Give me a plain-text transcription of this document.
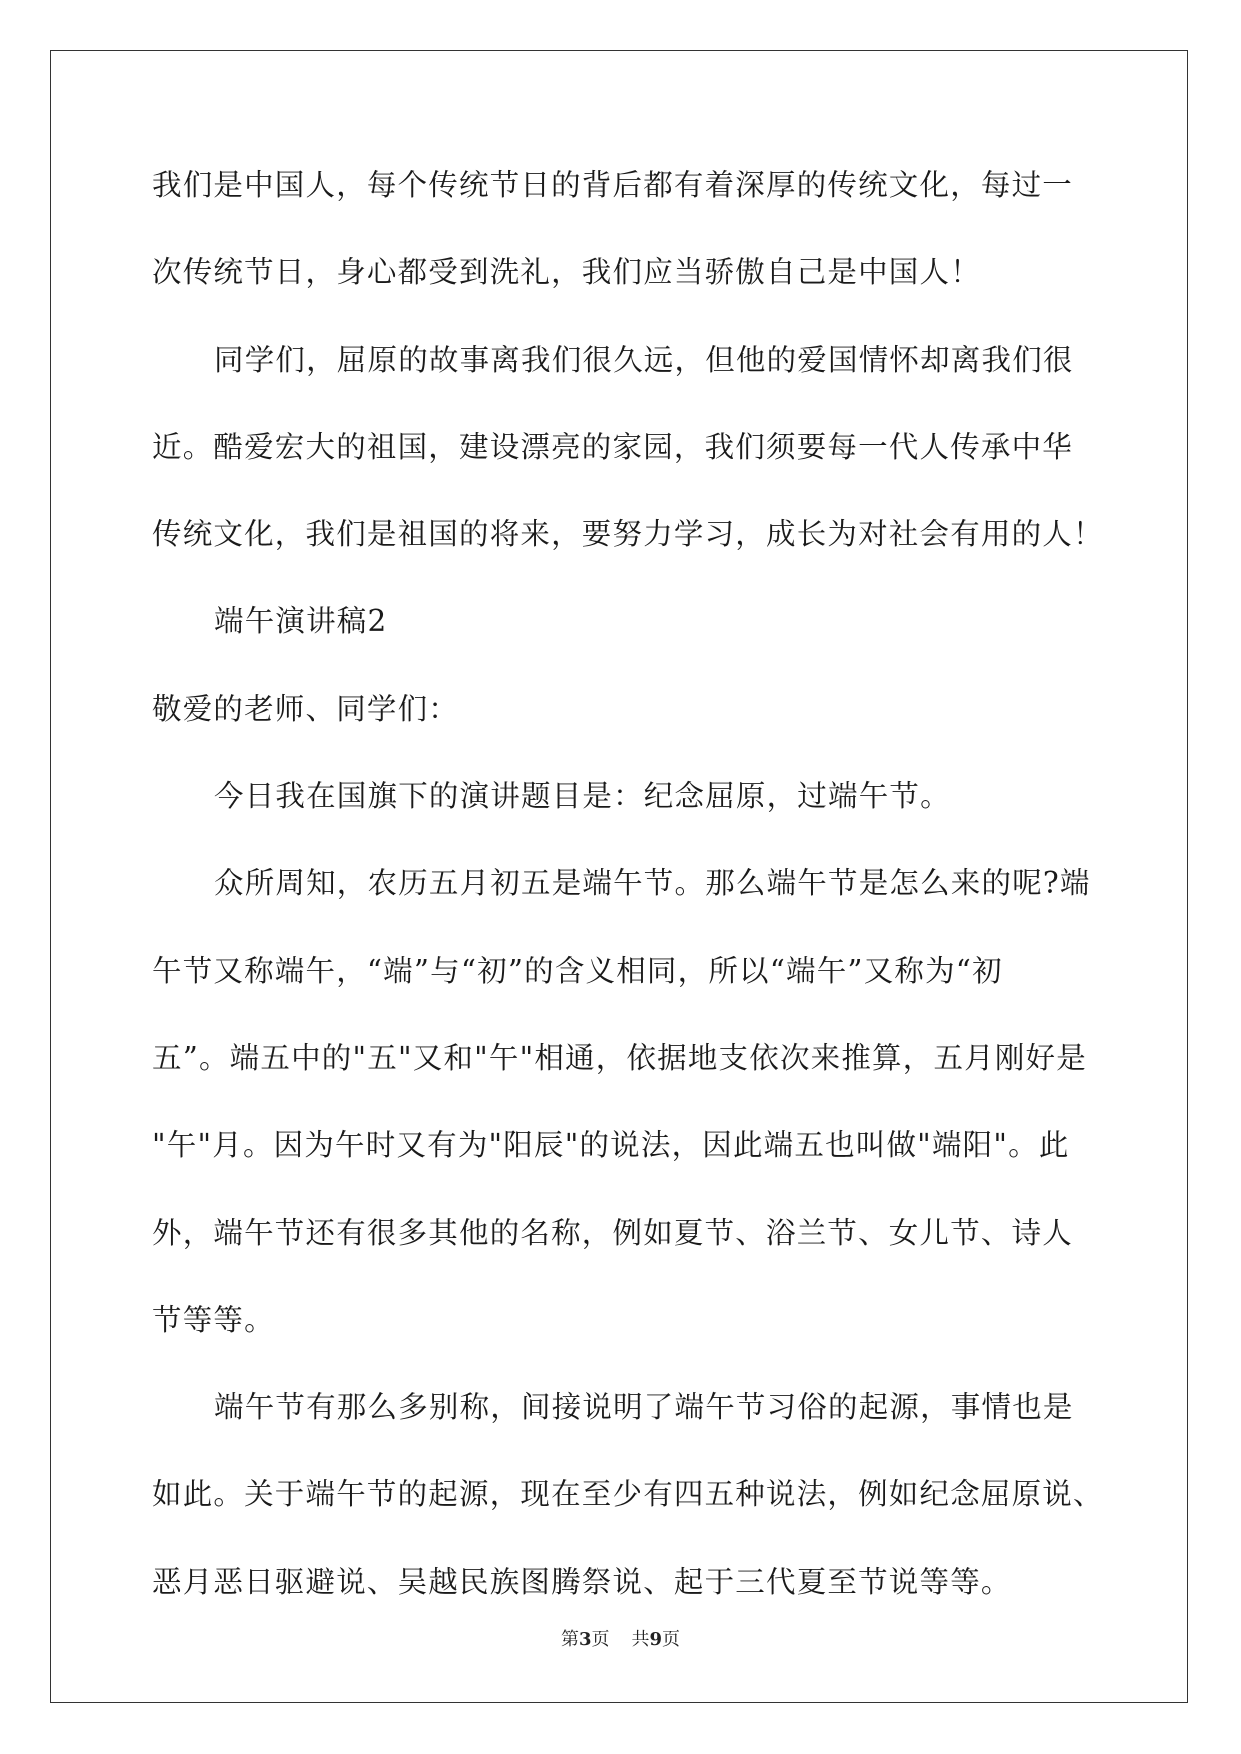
我们是中国人，每个传统节日的背后都有着深厚的传统文化，每过一
次传统节日，身心都受到洗礼，我们应当骄傲自己是中国人！
同学们，屈原的故事离我们很久远，但他的爱国情怀却离我们很
近。酷爱宏大的祖国，建设漂亮的家园，我们须要每一代人传承中华
传统文化，我们是祖国的将来，要努力学习，成长为对社会有用的人！
端午演讲稿2
敬爱的老师、同学们：
今日我在国旗下的演讲题目是：纪念屈原，过端午节。
众所周知，农历五月初五是端午节。那么端午节是怎么来的呢?端
午节又称端午，“端”与“初”的含义相同，所以“端午”又称为“初
五”。端五中的"五"又和"午"相通，依据地支依次来推算，五月刚好是
"午"月。因为午时又有为"阳辰"的说法，因此端五也叫做"端阳"。此
外，端午节还有很多其他的名称，例如夏节、浴兰节、女儿节、诗人
节等等。
端午节有那么多别称，间接说明了端午节习俗的起源，事情也是
如此。关于端午节的起源，现在至少有四五种说法，例如纪念屈原说、
恶月恶日驱避说、吴越民族图腾祭说、起于三代夏至节说等等。
第3页 共9页
